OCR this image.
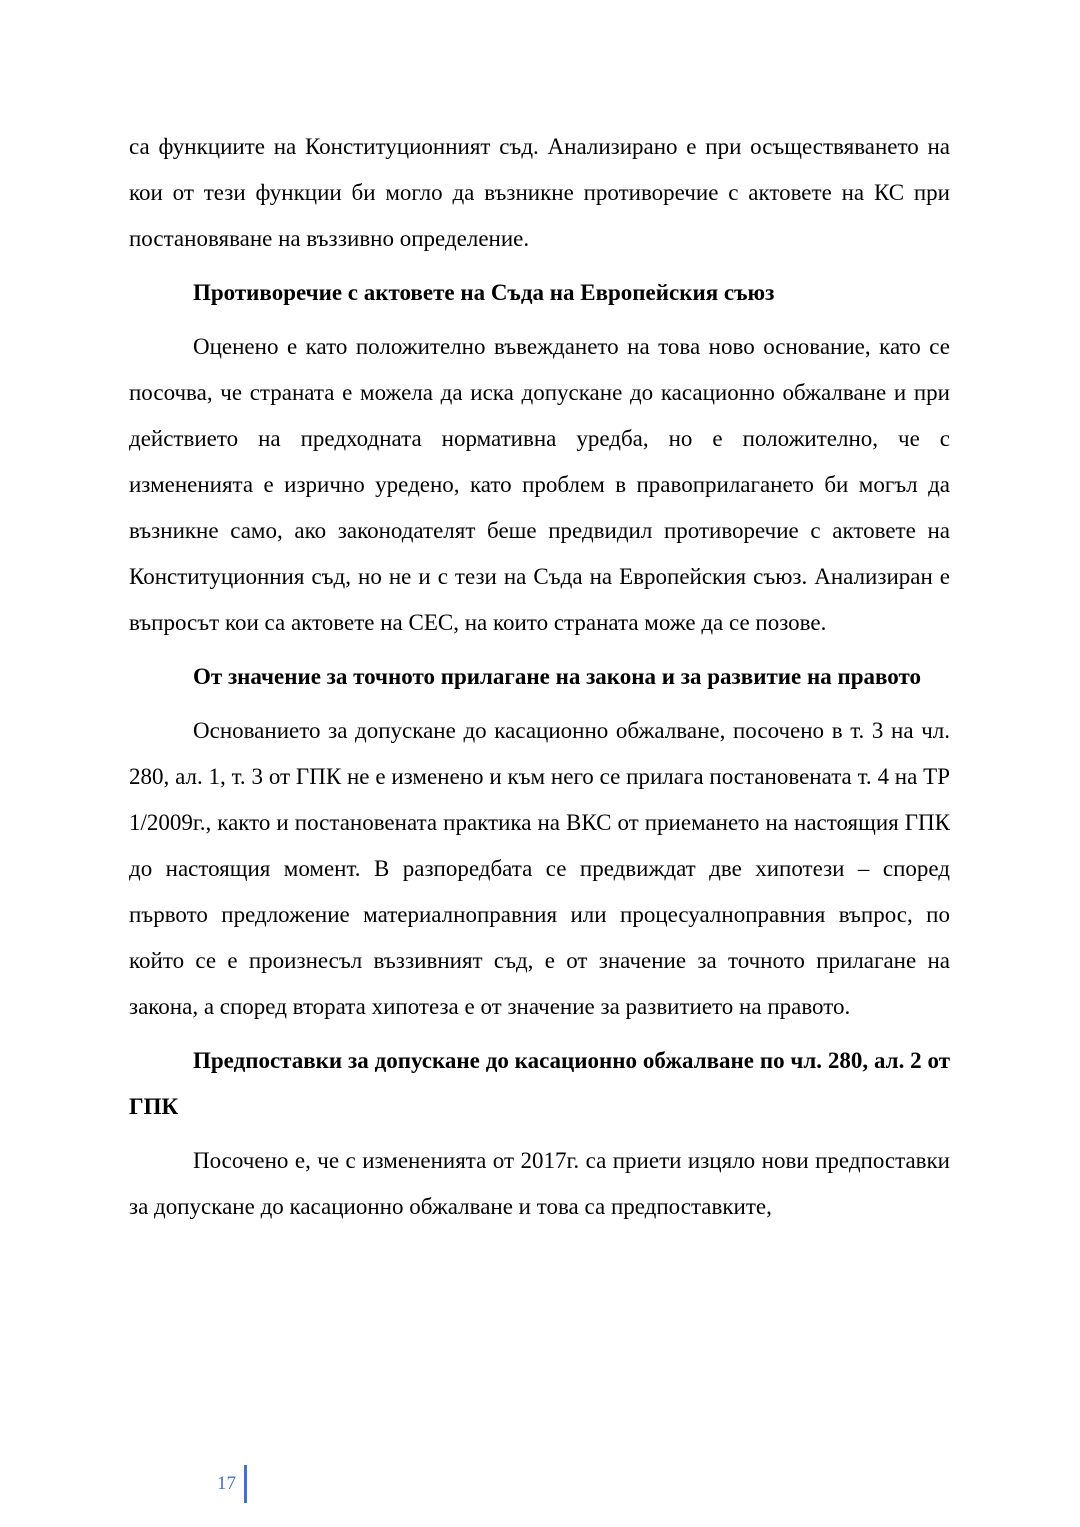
са функциите на Конституционният съд. Анализирано е при осъществяването на кои от тези функции би могло да възникне противоречие с актовете на КС при постановяване на въззивно определение.

Противоречие с актовете на Съда на Европейския съюз

Оценено е като положително въвеждането на това ново основание, като се посочва, че страната е можела да иска допускане до касационно обжалване и при действието на предходната нормативна уредба, но е положително, че с измененията е изрично уредено, като проблем в правоприлагането би могъл да възникне само, ако законодателят беше предвидил противоречие с актовете на Конституционния съд, но не и с тези на Съда на Европейския съюз. Анализиран е въпросът кои са актовете на СЕС, на които страната може да се позове.

От значение за точното прилагане на закона и за развитие на правото

Основанието за допускане до касационно обжалване, посочено в т. 3 на чл. 280, ал. 1, т. 3 от ГПК не е изменено и към него се прилага постановената т. 4 на ТР 1/2009г., както и постановената практика на ВКС от приемането на настоящия ГПК до настоящия момент. В разпоредбата се предвиждат две хипотези – според първото предложение материалноправния или процесуалноправния въпрос, по който се е произнесъл въззивният съд, е от значение за точното прилагане на закона, а според втората хипотеза е от значение за развитието на правото.

Предпоставки за допускане до касационно обжалване по чл. 280, ал. 2 от ГПК

Посочено е, че с измененията от 2017г. са приети изцяло нови предпоставки за допускане до касационно обжалване и това са предпоставките,

17
